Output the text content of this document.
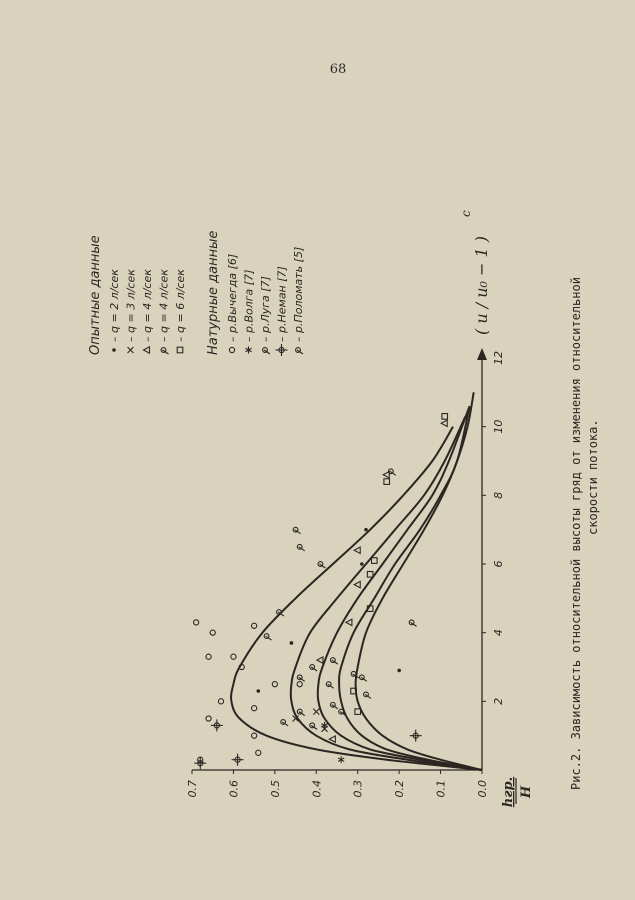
68
2
4
6
8
10
12
0.0
0.1
0.2
0.3
0.4
0.5
0.6
0.7	hгр. H
( u / u₀ − 1 )
c
Опытные данные – q = 2 л/сек – q = 3 л/сек – q = 4 л/сек – q = 4 л/сек – q = 6 л/сек Натурные данные – р.Вычегда [6] – р.Волга [7] – р.Луга [7] – р.Неман [7] – р.Поломать [5]	Рис.2. Зависимость относительной высоты гряд от изменения относительной скорости потока.
